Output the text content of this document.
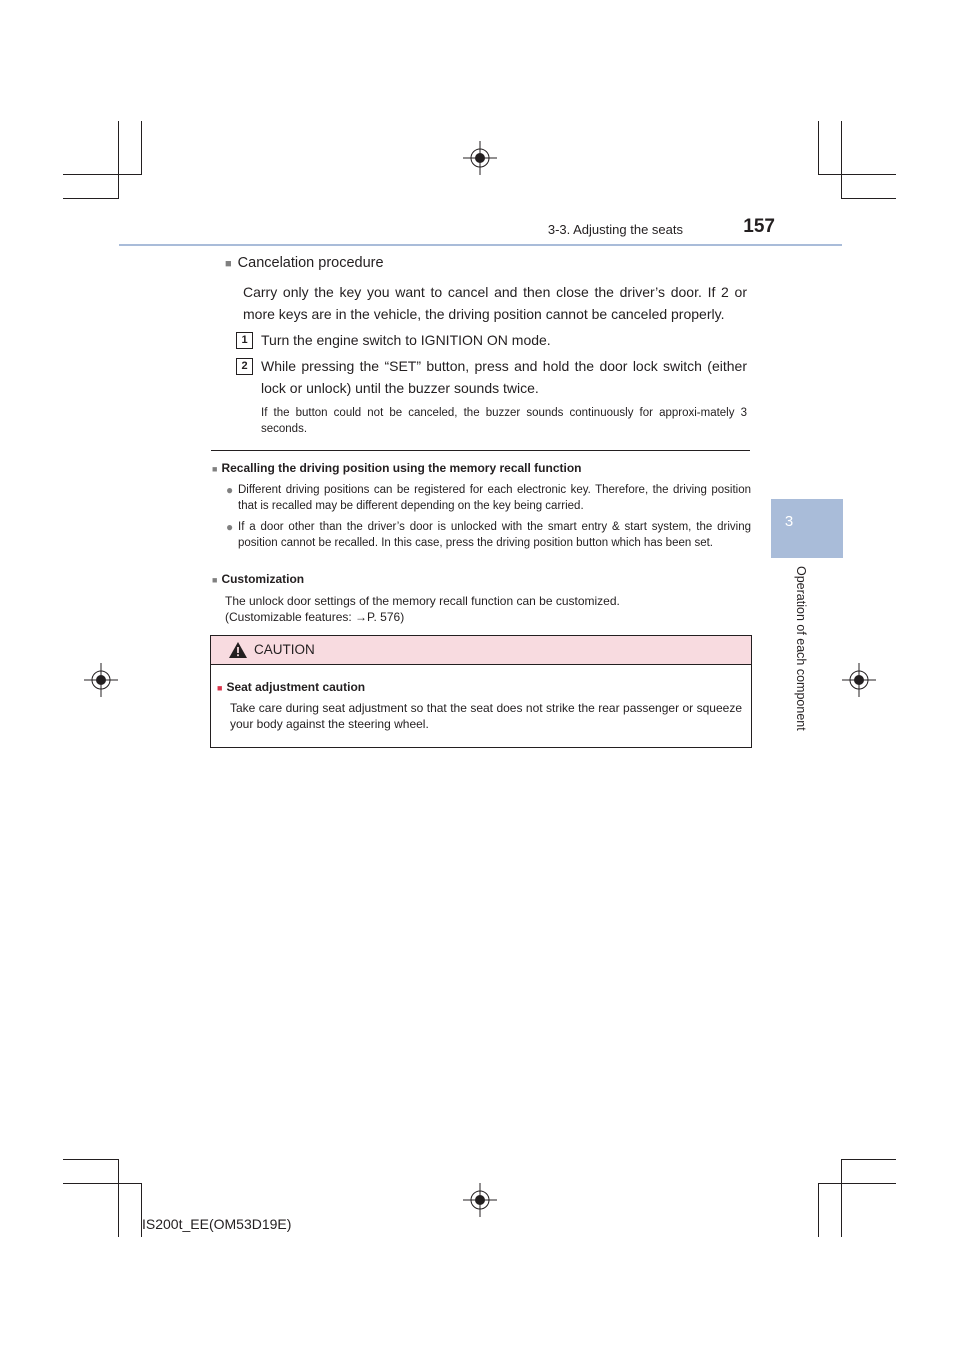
3-3. Adjusting the seats	157
3
Operation of each component
■ Cancelation procedure
Carry only the key you want to cancel and then close the driver’s door. If 2 or more keys are in the vehicle, the driving position cannot be canceled properly.
1 Turn the engine switch to IGNITION ON mode.
2 While pressing the “SET” button, press and hold the door lock switch (either lock or unlock) until the buzzer sounds twice.
If the button could not be canceled, the buzzer sounds continuously for approxi-mately 3 seconds.
■ Recalling the driving position using the memory recall function
● Different driving positions can be registered for each electronic key. Therefore, the driving position that is recalled may be different depending on the key being carried.
● If a door other than the driver’s door is unlocked with the smart entry & start system, the driving position cannot be recalled. In this case, press the driving position button which has been set.
■ Customization
The unlock door settings of the memory recall function can be customized.
(Customizable features: →P. 576)
CAUTION
■ Seat adjustment caution
Take care during seat adjustment so that the seat does not strike the rear passenger or squeeze your body against the steering wheel.
IS200t_EE(OM53D19E)
